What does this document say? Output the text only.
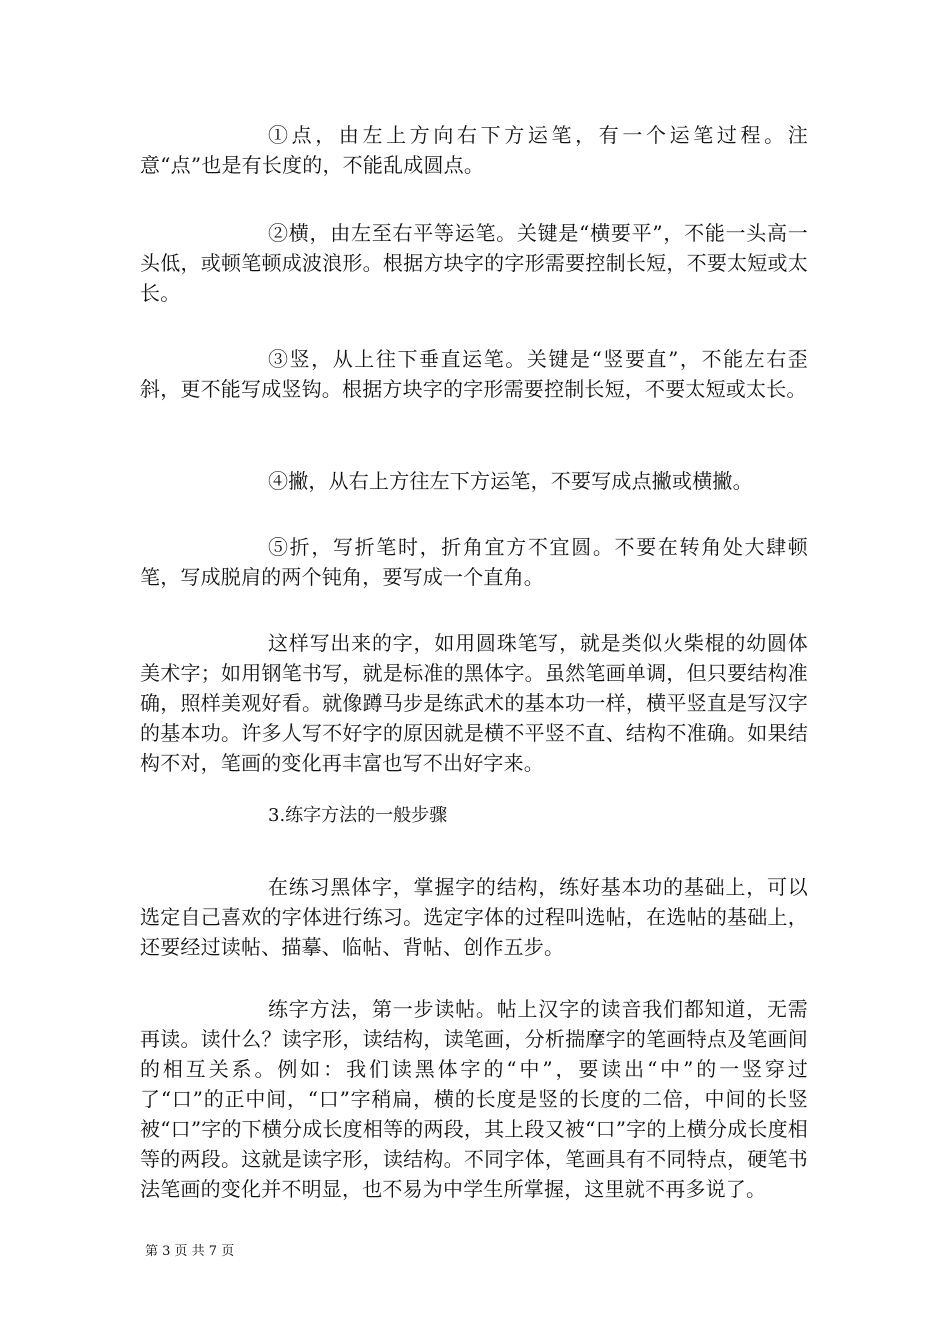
①点，由左上方向右下方运笔，有一个运笔过程。注意“点”也是有长度的，不能乱成圆点。

②横，由左至右平等运笔。关键是“横要平”，不能一头高一头低，或顿笔顿成波浪形。根据方块字的字形需要控制长短，不要太短或太长。

③竖，从上往下垂直运笔。关键是“竖要直”，不能左右歪斜，更不能写成竖钩。根据方块字的字形需要控制长短，不要太短或太长。

④撇，从右上方往左下方运笔，不要写成点撇或横撇。

⑤折，写折笔时，折角宜方不宜圆。不要在转角处大肆顿笔，写成脱肩的两个钝角，要写成一个直角。

这样写出来的字，如用圆珠笔写，就是类似火柴棍的幼圆体美术字；如用钢笔书写，就是标准的黑体字。虽然笔画单调，但只要结构准确，照样美观好看。就像蹲马步是练武术的基本功一样，横平竖直是写汉字的基本功。许多人写不好字的原因就是横不平竖不直、结构不准确。如果结构不对，笔画的变化再丰富也写不出好字来。

3.练字方法的一般步骤

在练习黑体字，掌握字的结构，练好基本功的基础上，可以选定自己喜欢的字体进行练习。选定字体的过程叫选帖，在选帖的基础上，还要经过读帖、描摹、临帖、背帖、创作五步。

练字方法，第一步读帖。帖上汉字的读音我们都知道，无需再读。读什么？读字形，读结构，读笔画，分析揣摩字的笔画特点及笔画间的相互关系。例如：我们读黑体字的“中”，要读出“中”的一竖穿过了“口”的正中间，“口”字稍扁，横的长度是竖的长度的二倍，中间的长竖被“口”字的下横分成长度相等的两段，其上段又被“口”字的上横分成长度相等的两段。这就是读字形，读结构。不同字体，笔画具有不同特点，硬笔书法笔画的变化并不明显，也不易为中学生所掌握，这里就不再多说了。

第 3 页 共 7 页
